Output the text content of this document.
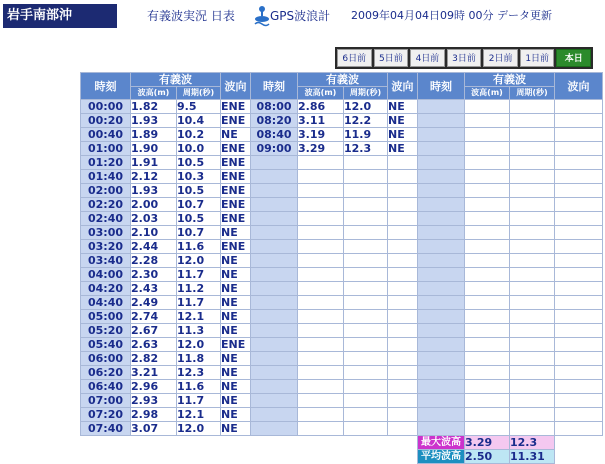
岩手南部沖	有義波実況 日表	GPS波浪計 2009年04月04日09時 00分 データ更新
6日前	5日前	4日前	3日前	2日前	1日前	本日
時刻	有義波		波向	時刻	有義波		波向	時刻	有義波		波向
	波高(m)	周期(秒)			波高(m)	周期(秒)			波高(m)	周期(秒)	
00:00	1.82	9.5	ENE	08:00	2.86	12.0	NE				
00:20	1.93	10.4	ENE	08:20	3.11	12.2	NE				
00:40	1.89	10.2	NE	08:40	3.19	11.9	NE				
01:00	1.90	10.0	ENE	09:00	3.29	12.3	NE				
01:20	1.91	10.5	ENE								
01:40	2.12	10.3	ENE								
02:00	1.93	10.5	ENE								
02:20	2.00	10.7	ENE								
02:40	2.03	10.5	ENE								
03:00	2.10	10.7	NE								
03:20	2.44	11.6	ENE								
03:40	2.28	12.0	NE								
04:00	2.30	11.7	NE								
04:20	2.43	11.2	NE								
04:40	2.49	11.7	NE								
05:00	2.74	12.1	NE								
05:20	2.67	11.3	NE								
05:40	2.63	12.0	ENE								
06:00	2.82	11.8	NE								
06:20	3.21	12.3	NE								
06:40	2.96	11.6	NE								
07:00	2.93	11.7	NE								
07:20	2.98	12.1	NE								
07:40	3.07	12.0	NE								
								最大波高	3.29	12.3	
								平均波高	2.50	11.31	
